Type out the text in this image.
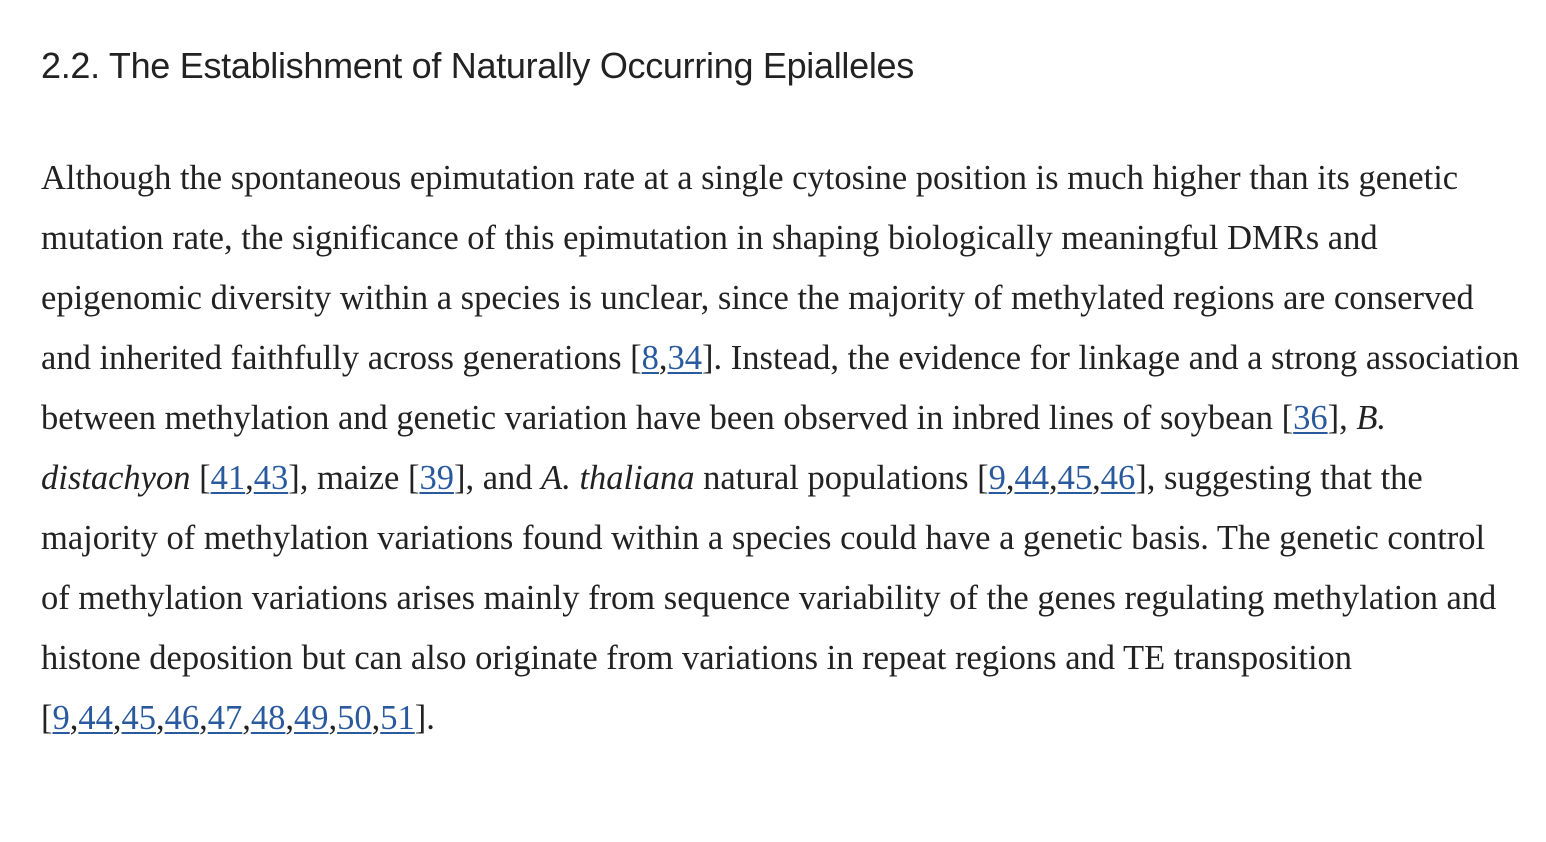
2.2. The Establishment of Naturally Occurring Epialleles

Although the spontaneous epimutation rate at a single cytosine position is much higher than its genetic mutation rate, the significance of this epimutation in shaping biologically meaningful DMRs and epigenomic diversity within a species is unclear, since the majority of methylated regions are conserved and inherited faithfully across generations [8,34]. Instead, the evidence for linkage and a strong association between methylation and genetic variation have been observed in inbred lines of soybean [36], B. distachyon [41,43], maize [39], and A. thaliana natural populations [9,44,45,46], suggesting that the majority of methylation variations found within a species could have a genetic basis. The genetic control of methylation variations arises mainly from sequence variability of the genes regulating methylation and histone deposition but can also originate from variations in repeat regions and TE transposition [9,44,45,46,47,48,49,50,51].
